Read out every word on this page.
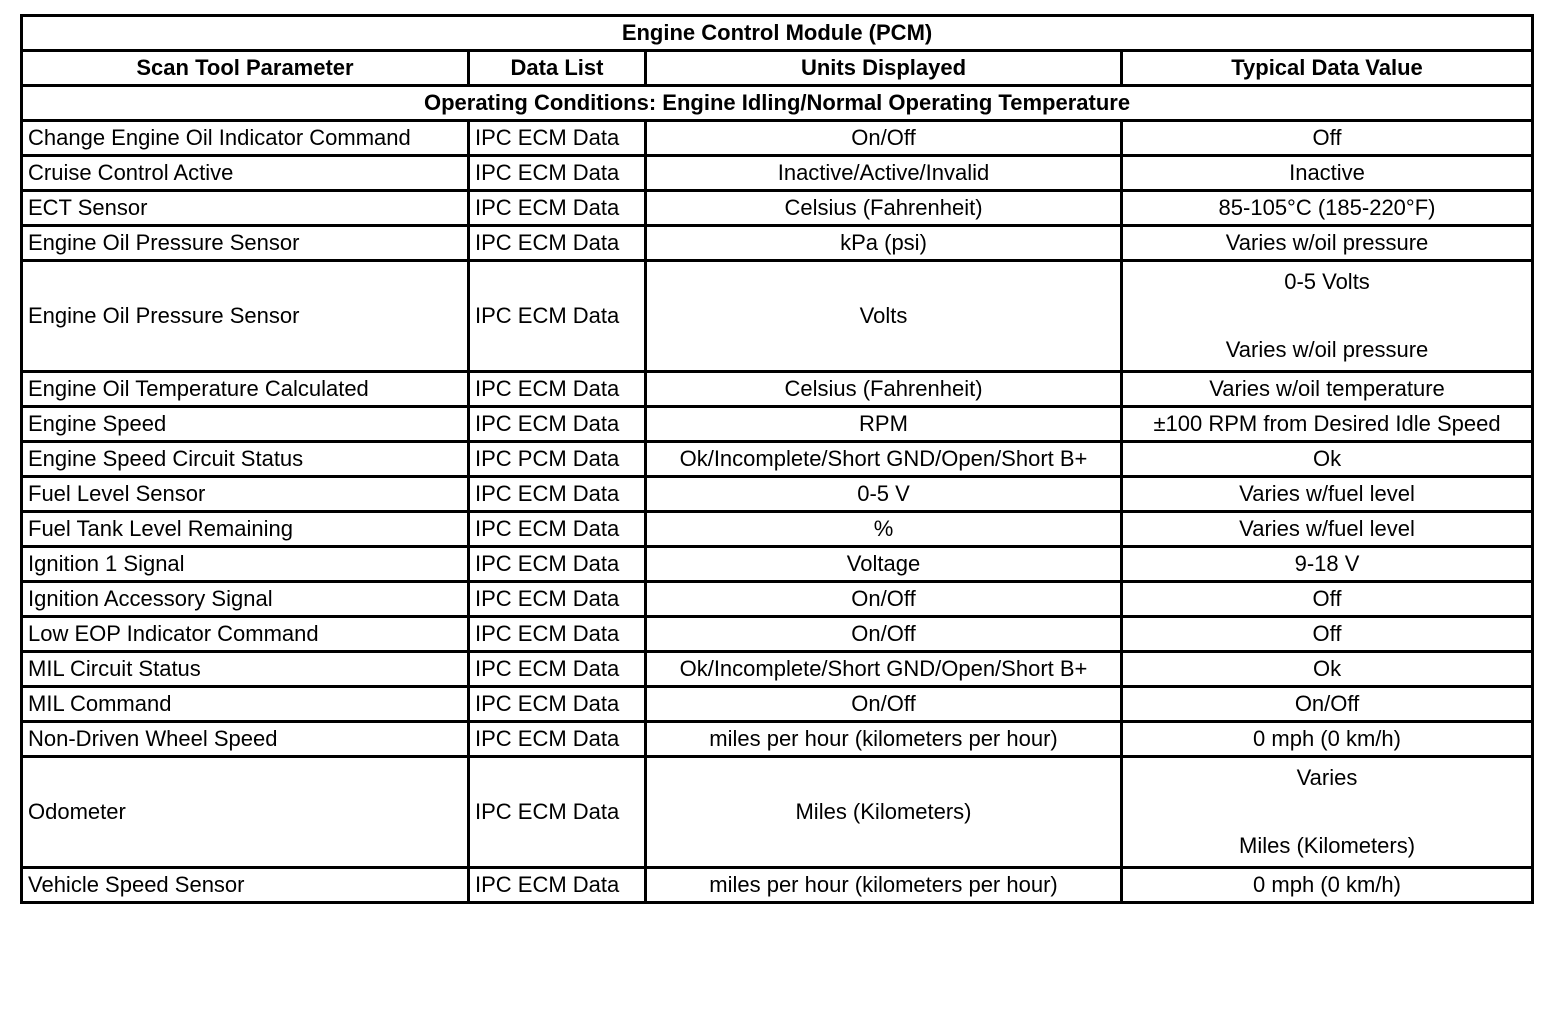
Engine Control Module (PCM)			
Scan Tool Parameter	Data List	Units Displayed	Typical Data Value
Operating Conditions: Engine Idling/Normal Operating Temperature			
Change Engine Oil Indicator Command	IPC ECM Data	On/Off	Off
Cruise Control Active	IPC ECM Data	Inactive/Active/Invalid	Inactive
ECT Sensor	IPC ECM Data	Celsius (Fahrenheit)	85-105°C (185-220°F)
Engine Oil Pressure Sensor	IPC ECM Data	kPa (psi)	Varies w/oil pressure
Engine Oil Pressure Sensor	IPC ECM Data	Volts	0-5 Volts
Varies w/oil pressure

Engine Oil Temperature Calculated	IPC ECM Data	Celsius (Fahrenheit)	Varies w/oil temperature
Engine Speed	IPC ECM Data	RPM	±100 RPM from Desired Idle Speed
Engine Speed Circuit Status	IPC PCM Data	Ok/Incomplete/Short GND/Open/Short B+	Ok
Fuel Level Sensor	IPC ECM Data	0-5 V	Varies w/fuel level
Fuel Tank Level Remaining	IPC ECM Data	%	Varies w/fuel level
Ignition 1 Signal	IPC ECM Data	Voltage	9-18 V
Ignition Accessory Signal	IPC ECM Data	On/Off	Off
Low EOP Indicator Command	IPC ECM Data	On/Off	Off
MIL Circuit Status	IPC ECM Data	Ok/Incomplete/Short GND/Open/Short B+	Ok
MIL Command	IPC ECM Data	On/Off	On/Off
Non-Driven Wheel Speed	IPC ECM Data	miles per hour (kilometers per hour)	0 mph (0 km/h)
Odometer	IPC ECM Data	Miles (Kilometers)	Varies
Miles (Kilometers)

Vehicle Speed Sensor	IPC ECM Data	miles per hour (kilometers per hour)	0 mph (0 km/h)
